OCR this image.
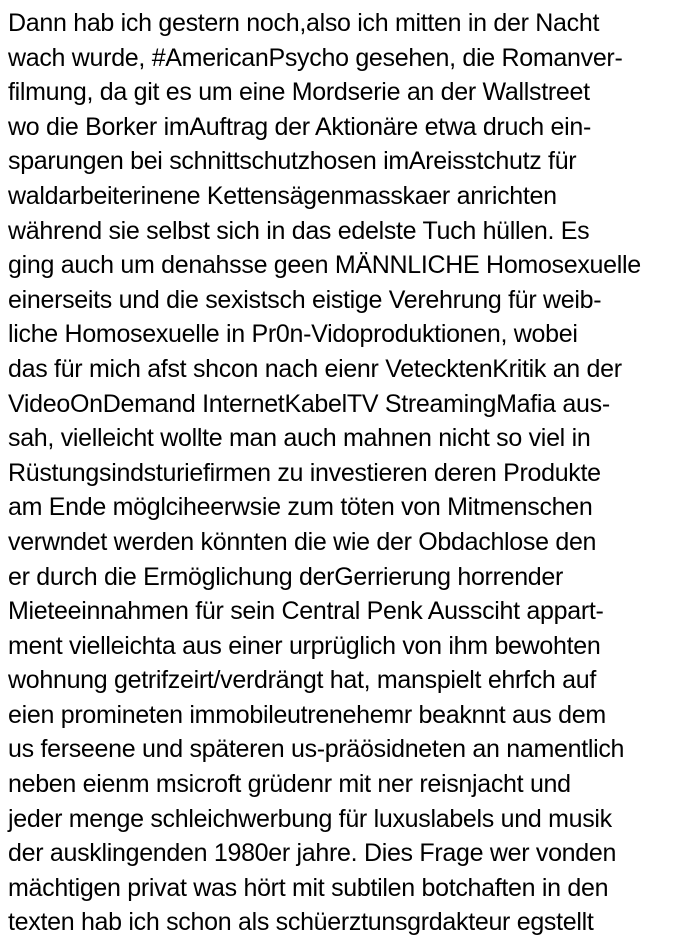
Dann hab ich gestern noch,also ich mitten in der Nacht
wach wurde, #AmericanPsycho gesehen, die Romanver-
filmung, da git es um eine Mordserie an der Wallstreet
wo die Borker imAuftrag der Aktionäre etwa druch ein-
sparungen bei schnittschutzhosen imAreisstchutz für
waldarbeiterinene Kettensägenmasskaer anrichten
während sie selbst sich in das edelste Tuch hüllen. Es
ging auch um denahsse geen MÄNNLICHE Homosexuelle
einerseits und die sexistsch eistige Verehrung für weib-
liche Homosexuelle in Pr0n-Vidoproduktionen, wobei
das für mich afst shcon nach eienr VetecktenKritik an der
VideoOnDemand InternetKabelTV StreamingMafia aus-
sah, vielleicht wollte man auch mahnen nicht so viel in
Rüstungsindsturiefirmen zu investieren deren Produkte
am Ende möglciheerwsie zum töten von Mitmenschen
verwndet werden könnten die wie der Obdachlose den
er durch die Ermöglichung derGerrierung horrender
Mieteeinnahmen für sein Central Penk Aussciht appart-
ment vielleichta aus einer urprüglich von ihm bewohten
wohnung getrifzeirt/verdrängt hat, manspielt ehrfch auf
eien promineten immobileutrenehemr beaknnt aus dem
us ferseene und späteren us-präösidneten an namentlich
neben eienm msicroft grüdenr mit ner reisnjacht und
jeder menge schleichwerbung für luxuslabels und musik
der ausklingenden 1980er jahre. Dies Frage wer vonden
mächtigen privat was hört mit subtilen botchaften in den
texten hab ich schon als schüerztunsgrdakteur egstellt
